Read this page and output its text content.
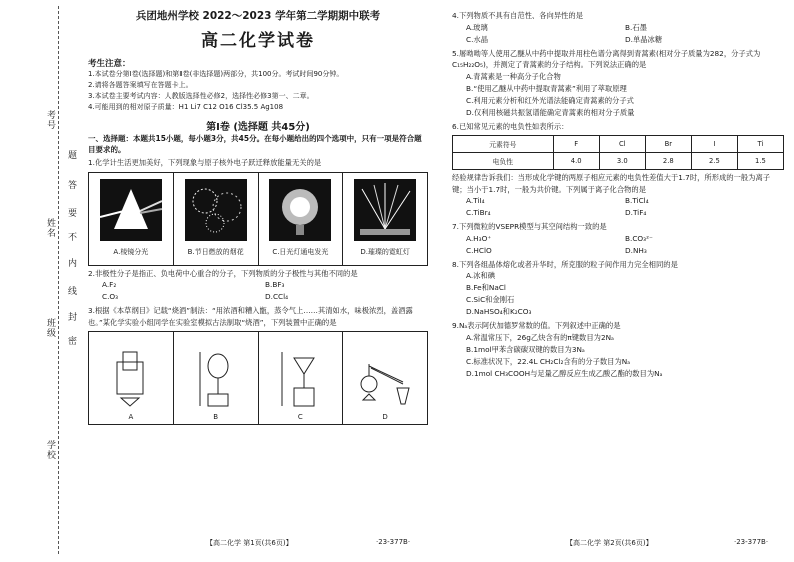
考号
姓名
班级
学校
题
答
要
不
内
线
封
密
兵团地州学校 2022～2023 学年第二学期期中联考
高二化学试卷
考生注意：
1.本试卷分第Ⅰ卷(选择题)和第Ⅱ卷(非选择题)两部分，共100分。考试时间90分钟。
2.请将各题答案填写在答题卡上。
3.本试卷主要考试内容：人教版选择性必修2，选择性必修3第一、二章。
4.可能用到的相对原子质量：H1 Li7 C12 O16 Cl35.5 Ag108
第Ⅰ卷 (选择题 共45分)
一、选择题：本题共15小题，每小题3分，共45分。在每小题给出的四个选项中，只有一项是符合题目要求的。
1.化学计生活更加美好，下列现象与原子核外电子跃迁释放能量无关的是
A.棱镜分光	B.节日燃放的烟花	C.日光灯通电发光	D.璀璨的霓虹灯
2.非极性分子是指正、负电荷中心重合的分子，下列物质的分子极性与其他不同的是
A.F₂	B.BF₃
C.O₃	D.CCl₄
3.根据《本草纲目》记载“烧酒”制法：“用浓酒和糟入甑，蒸令气上……其清如水，味极浓烈，盖酒露也。”某化学实验小组同学在实验室模拟古法制取“烧酒”，下列装置中正确的是
A	B	C	D
4.下列物质不具有自范性、各向异性的是
A.玻璃	B.石墨
C.水晶	D.单晶冰糖
5.屠呦呦等人使用乙醚从中药中提取并用柱色谱分离得到青蒿素(相对分子质量为282，分子式为C₁₅H₂₂O₅)，并测定了青蒿素的分子结构。下列说法正确的是
A.青蒿素是一种高分子化合物
B.“使用乙醚从中药中提取青蒿素”利用了萃取原理
C.利用元素分析和红外光谱法能确定青蒿素的分子式
D.仅利用核磁共振氢谱能确定青蒿素的相对分子质量
6.已知常见元素的电负性如表所示：
元素符号	F	Cl	Br	I	Ti
电负性	4.0	3.0	2.8	2.5	1.5
经验规律告诉我们：当形成化学键的两原子相应元素的电负性差值大于1.7时，所形成的一般为离子键；当小于1.7时，一般为共价键。下列属于离子化合物的是
A.TiI₄	B.TiCl₄
C.TiBr₄	D.TiF₄
7.下列微粒的VSEPR模型与其空间结构一致的是
A.H₃O⁺	B.CO₃²⁻
C.HClO	D.NH₃
8.下列各组晶体熔化或者升华时，所克服的粒子间作用力完全相同的是
A.冰和碘
B.Fe和NaCl
C.SiC和金刚石
D.NaHSO₄和K₂CO₃
9.Nₐ表示阿伏加德罗常数的值。下列叙述中正确的是
A.常温常压下，26g乙炔含有的π键数目为2Nₐ
B.1mol甲苯含碳碳双键的数目为3Nₐ
C.标准状况下，22.4L CH₂Cl₂含有的分子数目为Nₐ
D.1mol CH₃COOH与足量乙醇反应生成乙酸乙酯的数目为Nₐ
【高二化学 第1页(共6页)】	·23-377B·	【高二化学 第2页(共6页)】	·23-377B·
